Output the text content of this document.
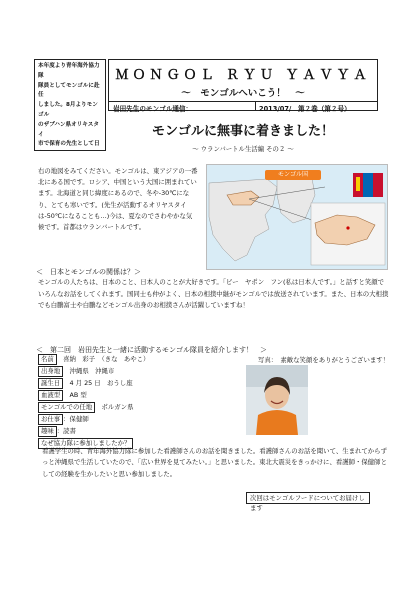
本年度より青年海外協力隊
隊員としてモンゴルに赴任
しました。8月よりモンゴル
のザブハン県オリキスタイ
市で保育の先生として日
ＭＯＮＧＯＬ ＲＹＵ ＹＡＶＹＡ
～　モンゴルへいこう！　～
岩田先生のモンゴル通信：	2013/07/　第２巻（第２号）
モンゴルに無事に着きました！
～ ウランバートル生活編 その２ ～
右の地図をみてください。モンゴルは、東アジアの一番北にある国です。ロシア、中国という大国に囲まれています。北海道と同じ緯度にあるので、冬や-30℃になり、とても寒いです。(先生が活動するオリヤスタイは-50℃になることも…)今は、夏なのでさわやかな気候です。首都はウランバートルです。
モンゴル国
＜　日本とモンゴルの関係は？＞
モンゴルの人たちは、日本のこと、日本人のことが大好きです。「ビー　ヤポン　フン(私は日本人です。」と話すと笑顔でいろんなお話をしてくれます。国同士も仲がよく、日本の相撲中継がモンゴルでは放送されています。また、日本の大相撲でも白鵬富士や白鵬などモンゴル出身のお相撲さんが活躍していますね！
＜　第二回　岩田先生と一緒に活動するモンゴル隊員を紹介します！　＞
名前　喜納　彩子　（きな　あやこ）
出身地　沖縄県　沖縄市
誕生日　4 月 25 日　おうし座
血液型　AB 型
モンゴルでの任地　ボルガン県
お仕事 ：保健師
趣味 ：読書
なぜ協力隊に参加しましたか？
写真：　素敵な笑顔をありがとうございます！
看護学生の時、青年海外協力隊に参加した看護師さんのお話を聞きました。看護師さんのお話を聞いて、生まれてからずっと沖縄県で生活していたので、「広い世界を見てみたい。」と思いました。東北大震災をきっかけに、看護師・保健師としての経験を生かしたいと思い参加しました。
次回はモンゴルフードについてお届けします
